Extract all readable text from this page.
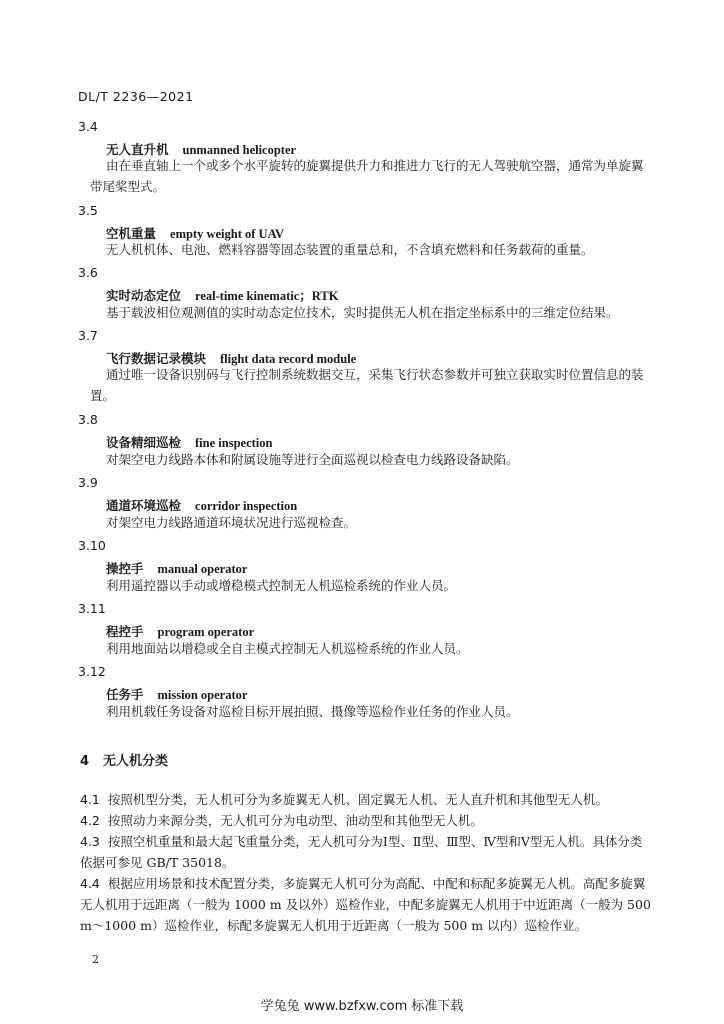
DL/T 2236—2021
3.4
无人直升机 unmanned helicopter
由在垂直轴上一个或多个水平旋转的旋翼提供升力和推进力飞行的无人驾驶航空器，通常为单旋翼带尾桨型式。
3.5
空机重量 empty weight of UAV
无人机机体、电池、燃料容器等固态装置的重量总和，不含填充燃料和任务载荷的重量。
3.6
实时动态定位 real-time kinematic；RTK
基于载波相位观测值的实时动态定位技术，实时提供无人机在指定坐标系中的三维定位结果。
3.7
飞行数据记录模块 flight data record module
通过唯一设备识别码与飞行控制系统数据交互，采集飞行状态参数并可独立获取实时位置信息的装置。
3.8
设备精细巡检 fine inspection
对架空电力线路本体和附属设施等进行全面巡视以检查电力线路设备缺陷。
3.9
通道环境巡检 corridor inspection
对架空电力线路通道环境状况进行巡视检查。
3.10
操控手 manual operator
利用遥控器以手动或增稳模式控制无人机巡检系统的作业人员。
3.11
程控手 program operator
利用地面站以增稳或全自主模式控制无人机巡检系统的作业人员。
3.12
任务手 mission operator
利用机载任务设备对巡检目标开展拍照、摄像等巡检作业任务的作业人员。
4 无人机分类
4.1 按照机型分类，无人机可分为多旋翼无人机、固定翼无人机、无人直升机和其他型无人机。
4.2 按照动力来源分类，无人机可分为电动型、油动型和其他型无人机。
4.3 按照空机重量和最大起飞重量分类，无人机可分为Ⅰ型、Ⅱ型、Ⅲ型、Ⅳ型和Ⅴ型无人机。具体分类依据可参见 GB/T 35018。
4.4 根据应用场景和技术配置分类，多旋翼无人机可分为高配、中配和标配多旋翼无人机。高配多旋翼无人机用于远距离（一般为 1000 m 及以外）巡检作业，中配多旋翼无人机用于中近距离（一般为 500 m～1000 m）巡检作业，标配多旋翼无人机用于近距离（一般为 500 m 以内）巡检作业。
2
学兔兔 www.bzfxw.com 标准下载
